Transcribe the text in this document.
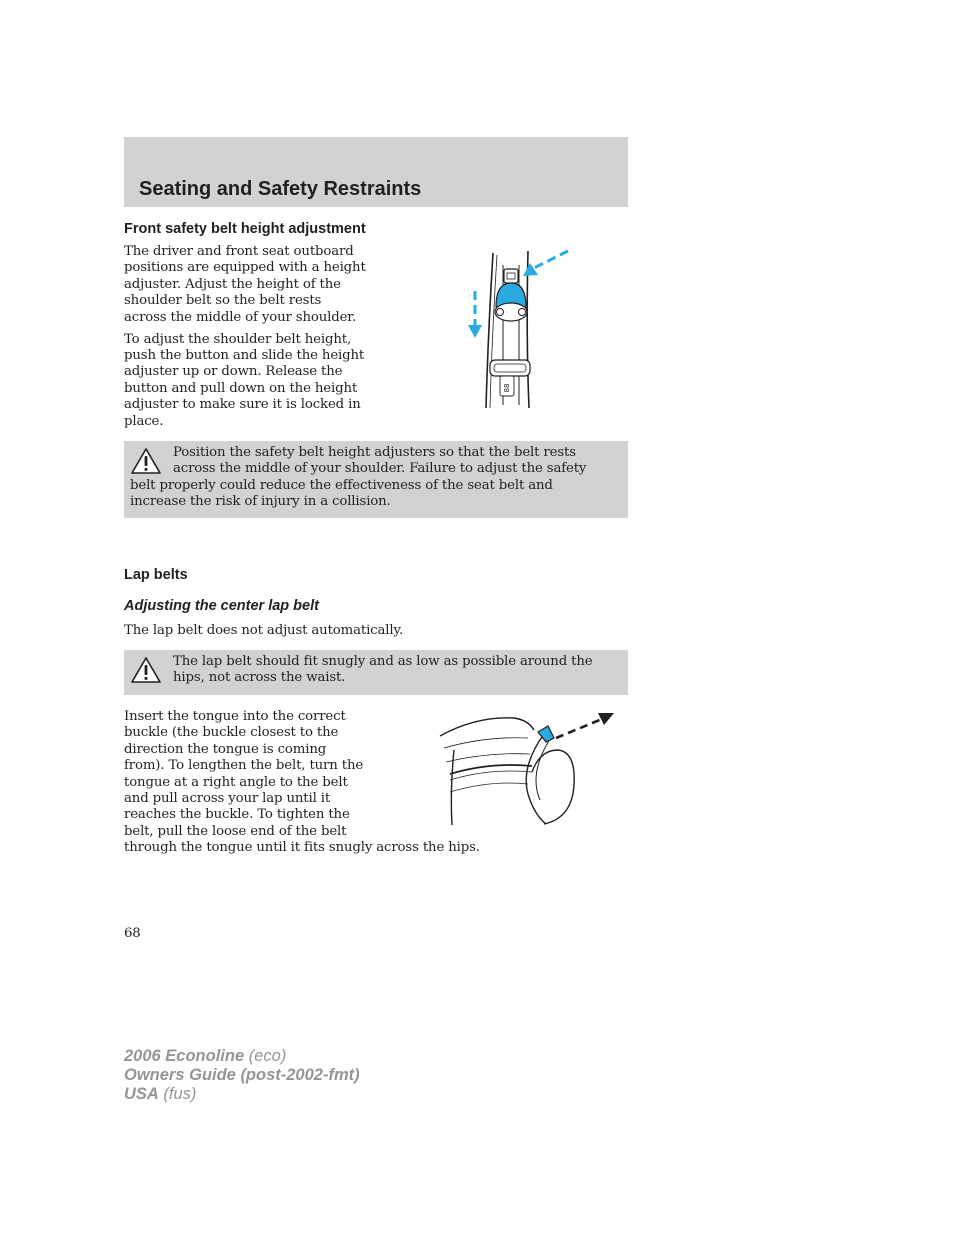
Seating and Safety Restraints
Front safety belt height adjustment

The driver and front seat outboard
positions are equipped with a height
adjuster. Adjust the height of the
shoulder belt so the belt rests
across the middle of your shoulder.

To adjust the shoulder belt height,
push the button and slide the height
adjuster up or down. Release the
button and pull down on the height
adjuster to make sure it is locked in
place.

88
Position the safety belt height adjusters so that the belt rests
across the middle of your shoulder. Failure to adjust the safety
belt properly could reduce the effectiveness of the seat belt and
increase the risk of injury in a collision.
Lap belts
Adjusting the center lap belt
The lap belt does not adjust automatically.
The lap belt should fit snugly and as low as possible around the
hips, not across the waist.
Insert the tongue into the correct
buckle (the buckle closest to the
direction the tongue is coming
from). To lengthen the belt, turn the
tongue at a right angle to the belt
and pull across your lap until it
reaches the buckle. To tighten the
belt, pull the loose end of the belt
through the tongue until it fits snugly across the hips.
68
2006 Econoline (eco)
Owners Guide (post-2002-fmt)
USA (fus)
